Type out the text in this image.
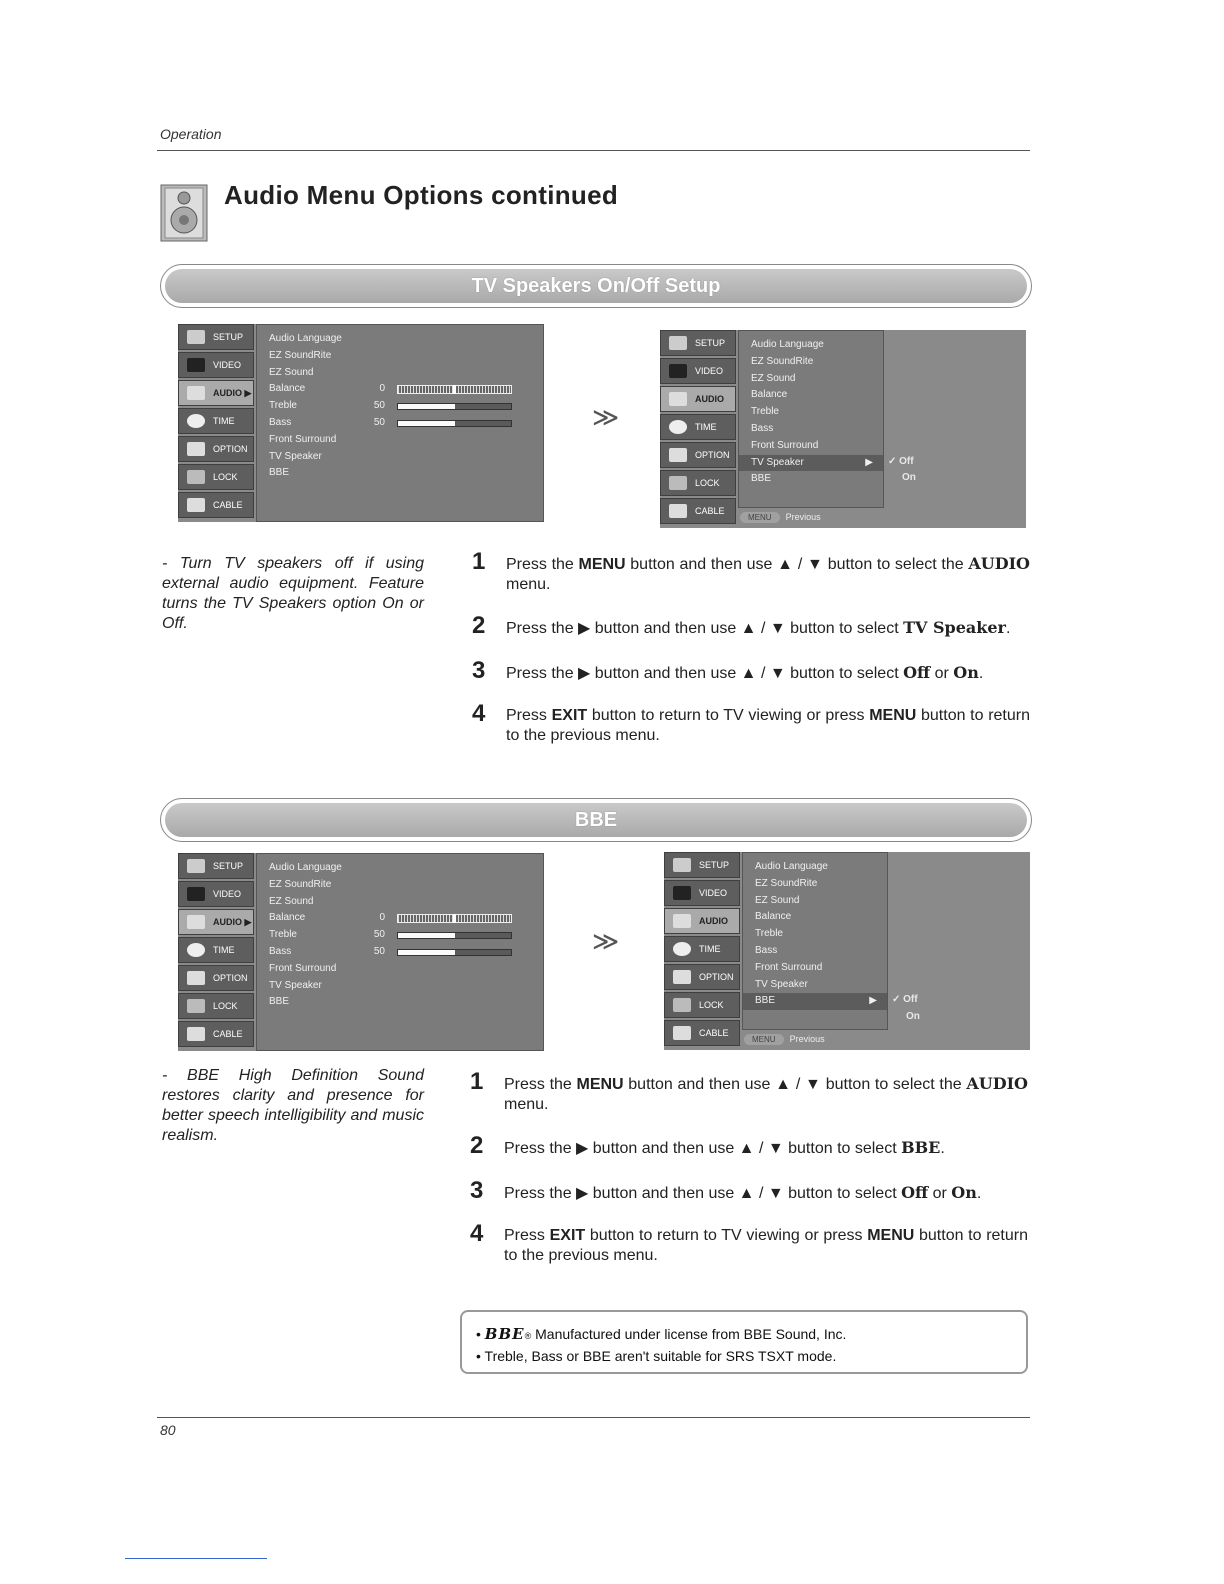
Operation
Audio Menu Options continued
TV Speakers On/Off Setup
SETUP
VIDEO
AUDIO ▶
TIME
OPTION
LOCK
CABLE
Audio Language
EZ SoundRite
EZ Sound
Balance	0
Treble	50
Bass	50
Front Surround
TV Speaker
BBE
≫
SETUP
VIDEO
AUDIO
TIME
OPTION
LOCK
CABLE
Audio Language
EZ SoundRite
EZ Sound
Balance
Treble
Bass
Front Surround
TV Speaker	▶
BBE
MENU	Previous
✓ Off
On
- Turn TV speakers off if using external audio equipment. Feature turns the TV Speakers option On or Off.
1 Press the MENU button and then use ▲ / ▼ button to select the AUDIO menu.
2 Press the ▶ button and then use ▲ / ▼ button to select TV Speaker.
3 Press the ▶ button and then use ▲ / ▼ button to select Off or On.
4 Press EXIT button to return to TV viewing or press MENU button to return to the previous menu.
BBE
SETUP
VIDEO
AUDIO ▶
TIME
OPTION
LOCK
CABLE
Audio Language
EZ SoundRite
EZ Sound
Balance	0
Treble	50
Bass	50
Front Surround
TV Speaker
BBE
≫
SETUP
VIDEO
AUDIO
TIME
OPTION
LOCK
CABLE
Audio Language
EZ SoundRite
EZ Sound
Balance
Treble
Bass
Front Surround
TV Speaker
BBE	▶
MENU	Previous
✓ Off
On
- BBE High Definition Sound restores clarity and presence for better speech intelligibility and music realism.
1 Press the MENU button and then use ▲ / ▼ button to select the AUDIO menu.
2 Press the ▶ button and then use ▲ / ▼ button to select BBE.
3 Press the ▶ button and then use ▲ / ▼ button to select Off or On.
4 Press EXIT button to return to TV viewing or press MENU button to return to the previous menu.
• BBE® Manufactured under license from BBE Sound, Inc.
• Treble, Bass or BBE aren't suitable for SRS TSXT mode.
80
